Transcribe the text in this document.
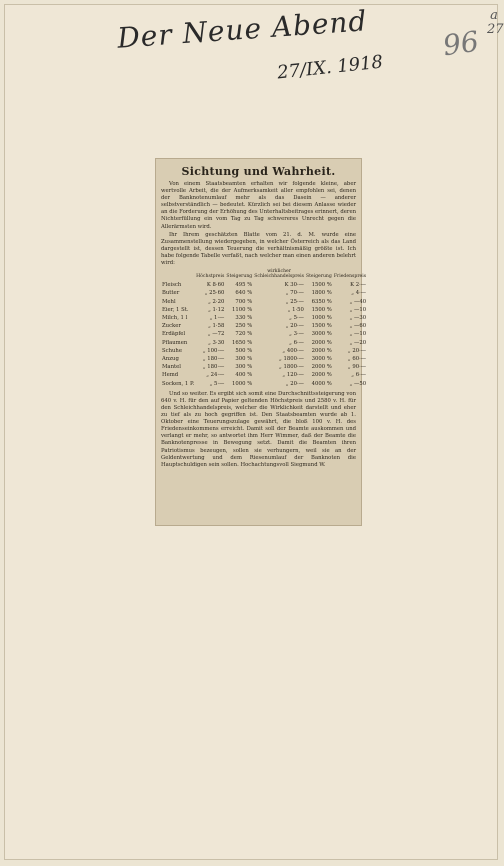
Der Neue Abend
27/IX. 1918
96
a
27
Sichtung und Wahrheit.

Von einem Staatsbeamten erhalten wir folgende kleine, aber wertvolle Arbeit, die der Aufmerksamkeit aller empfohlen sei, denen der Banknotenumlauf mehr als das Dasein — anderer selbstverständlich — bedeutet. Kürzlich sei bei diesem Anlasse wieder an die Forderung der Erhöhung des Unterhaltsbeitrages erinnert, deren Nichterfüllung ein vom Tag zu Tag schwereres Unrecht gegen die Allerärmsten wird.

Ihr Ihrem geschätzten Blatte vom 21. d. M. wurde eine Zusammenstellung wiedergegeben, in welcher Österreich als das Land dargestellt ist, dessen Teuerung die verhältnismäßig größte ist. Ich habe folgende Tabelle verfaßt, nach welcher man einen anderen belehrt wird:

	Höchstpreis	Steigerung	wirklicher Schleichhandelspreis	Steigerung	Friedenspreis
Fleisch	K 8·60	495 %	K 30·—	1500 %	K 2·—
Butter	„ 25·60	640 %	„ 70·—	1800 %	„ 4·—
Mehl	„ 2·20	700 %	„ 25·—	6350 %	„ —40
Eier, 1 St.	„ 1·12	1100 %	„ 1·50	1500 %	„ —10
Milch, 1 l	„ 1·—	330 %	„ 5·—	1000 %	„ —30
Zucker	„ 1·58	250 %	„ 20·—	1500 %	„ —60
Erdäpfel	„ —72	720 %	„ 3·—	3000 %	„ —10
Pflaumen	„ 3·30	1650 %	„ 6·—	2000 %	„ —20
Schuhe	„ 100·—	500 %	„ 400·—	2000 %	„ 20·—
Anzug	„ 180·—	300 %	„ 1800·—	3000 %	„ 60·—
Mantel	„ 180·—	300 %	„ 1800·—	2000 %	„ 90·—
Hemd	„ 24·—	400 %	„ 120·—	2000 %	„ 6·—
Socken, 1 P.	„ 5·—	1000 %	„ 20·—	4000 %	„ —50

Und so weiter. Es ergibt sich somit eine Durchschnittssteigerung von 640 v. H. für den auf Papier geltenden Höchstpreis und 2580 v. H. für den Schleichhandelspreis, welcher die Wirklichkeit darstellt und eher zu tief als zu hoch gegriffen ist. Den Staatsbeamten wurde ab 1. Oktober eine Teuerungszulage gewährt, die bloß 100 v. H. des Friedenseinkommens erreicht. Damit soll der Beamte auskommen und verlangt er mehr, so antwortet ihm Herr Wimmer, daß der Beamte die Banknotenpresse in Bewegung setzt. Damit die Beamten ihren Patriotismus bezeugen, sollen sie verhungern, weil sie an der Geldentwertung und dem Riesenumlauf der Banknoten die Hauptschuldigen sein sollen. Hochachtungsvoll Siegmund W.
